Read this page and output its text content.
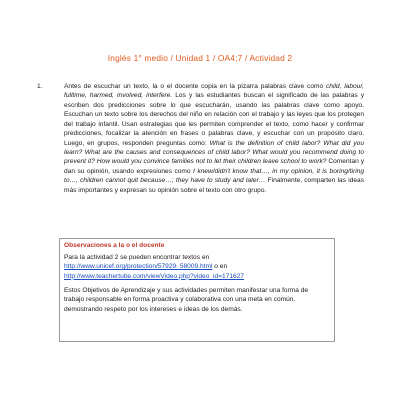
Inglés 1° medio / Unidad 1 / OA4;7 / Actividad 2
1.	Antes de escuchar un texto, la o el docente copia en la pizarra palabras clave como child, labour, fulltime, harmed, involved, interfere. Los y las estudiantes buscan el significado de las palabras y escriben dos predicciones sobre lo que escucharán, usando las palabras clave como apoyo. Escuchan un texto sobre los derechos del niño en relación con el trabajo y las leyes que los protegen del trabajo infantil. Usan estrategias que les permiten comprender el texto, como hacer y confirmar predicciones, focalizar la atención en frases o palabras clave, y escuchar con un propósito claro. Luego, en grupos, responden preguntas como: What is the definition of child labor? What did you learn? What are the causes and consequences of child labor? What would you recommend doing to prevent it? How would you convince families not to let their children leave school to work? Comentan y dan su opinión, usando expresiones como I knew/didn't know that…, in my opinion, it is boring/tiring to…, children cannot quit because…; they have to study and later… Finalmente, comparten las ideas más importantes y expresan su opinión sobre el texto con otro grupo.
Observaciones a la o el docente
Para la actividad 2 se pueden encontrar textos en
http://www.unicef.org/protection/57929_58009.html o en
http://www.teachertube.com/viewVideo.php?video_id=171627
Estos Objetivos de Aprendizaje y sus actividades permiten manifestar una forma de trabajo responsable en forma proactiva y colaborativa con una meta en común, demostrando respeto por los intereses e ideas de los demás.
